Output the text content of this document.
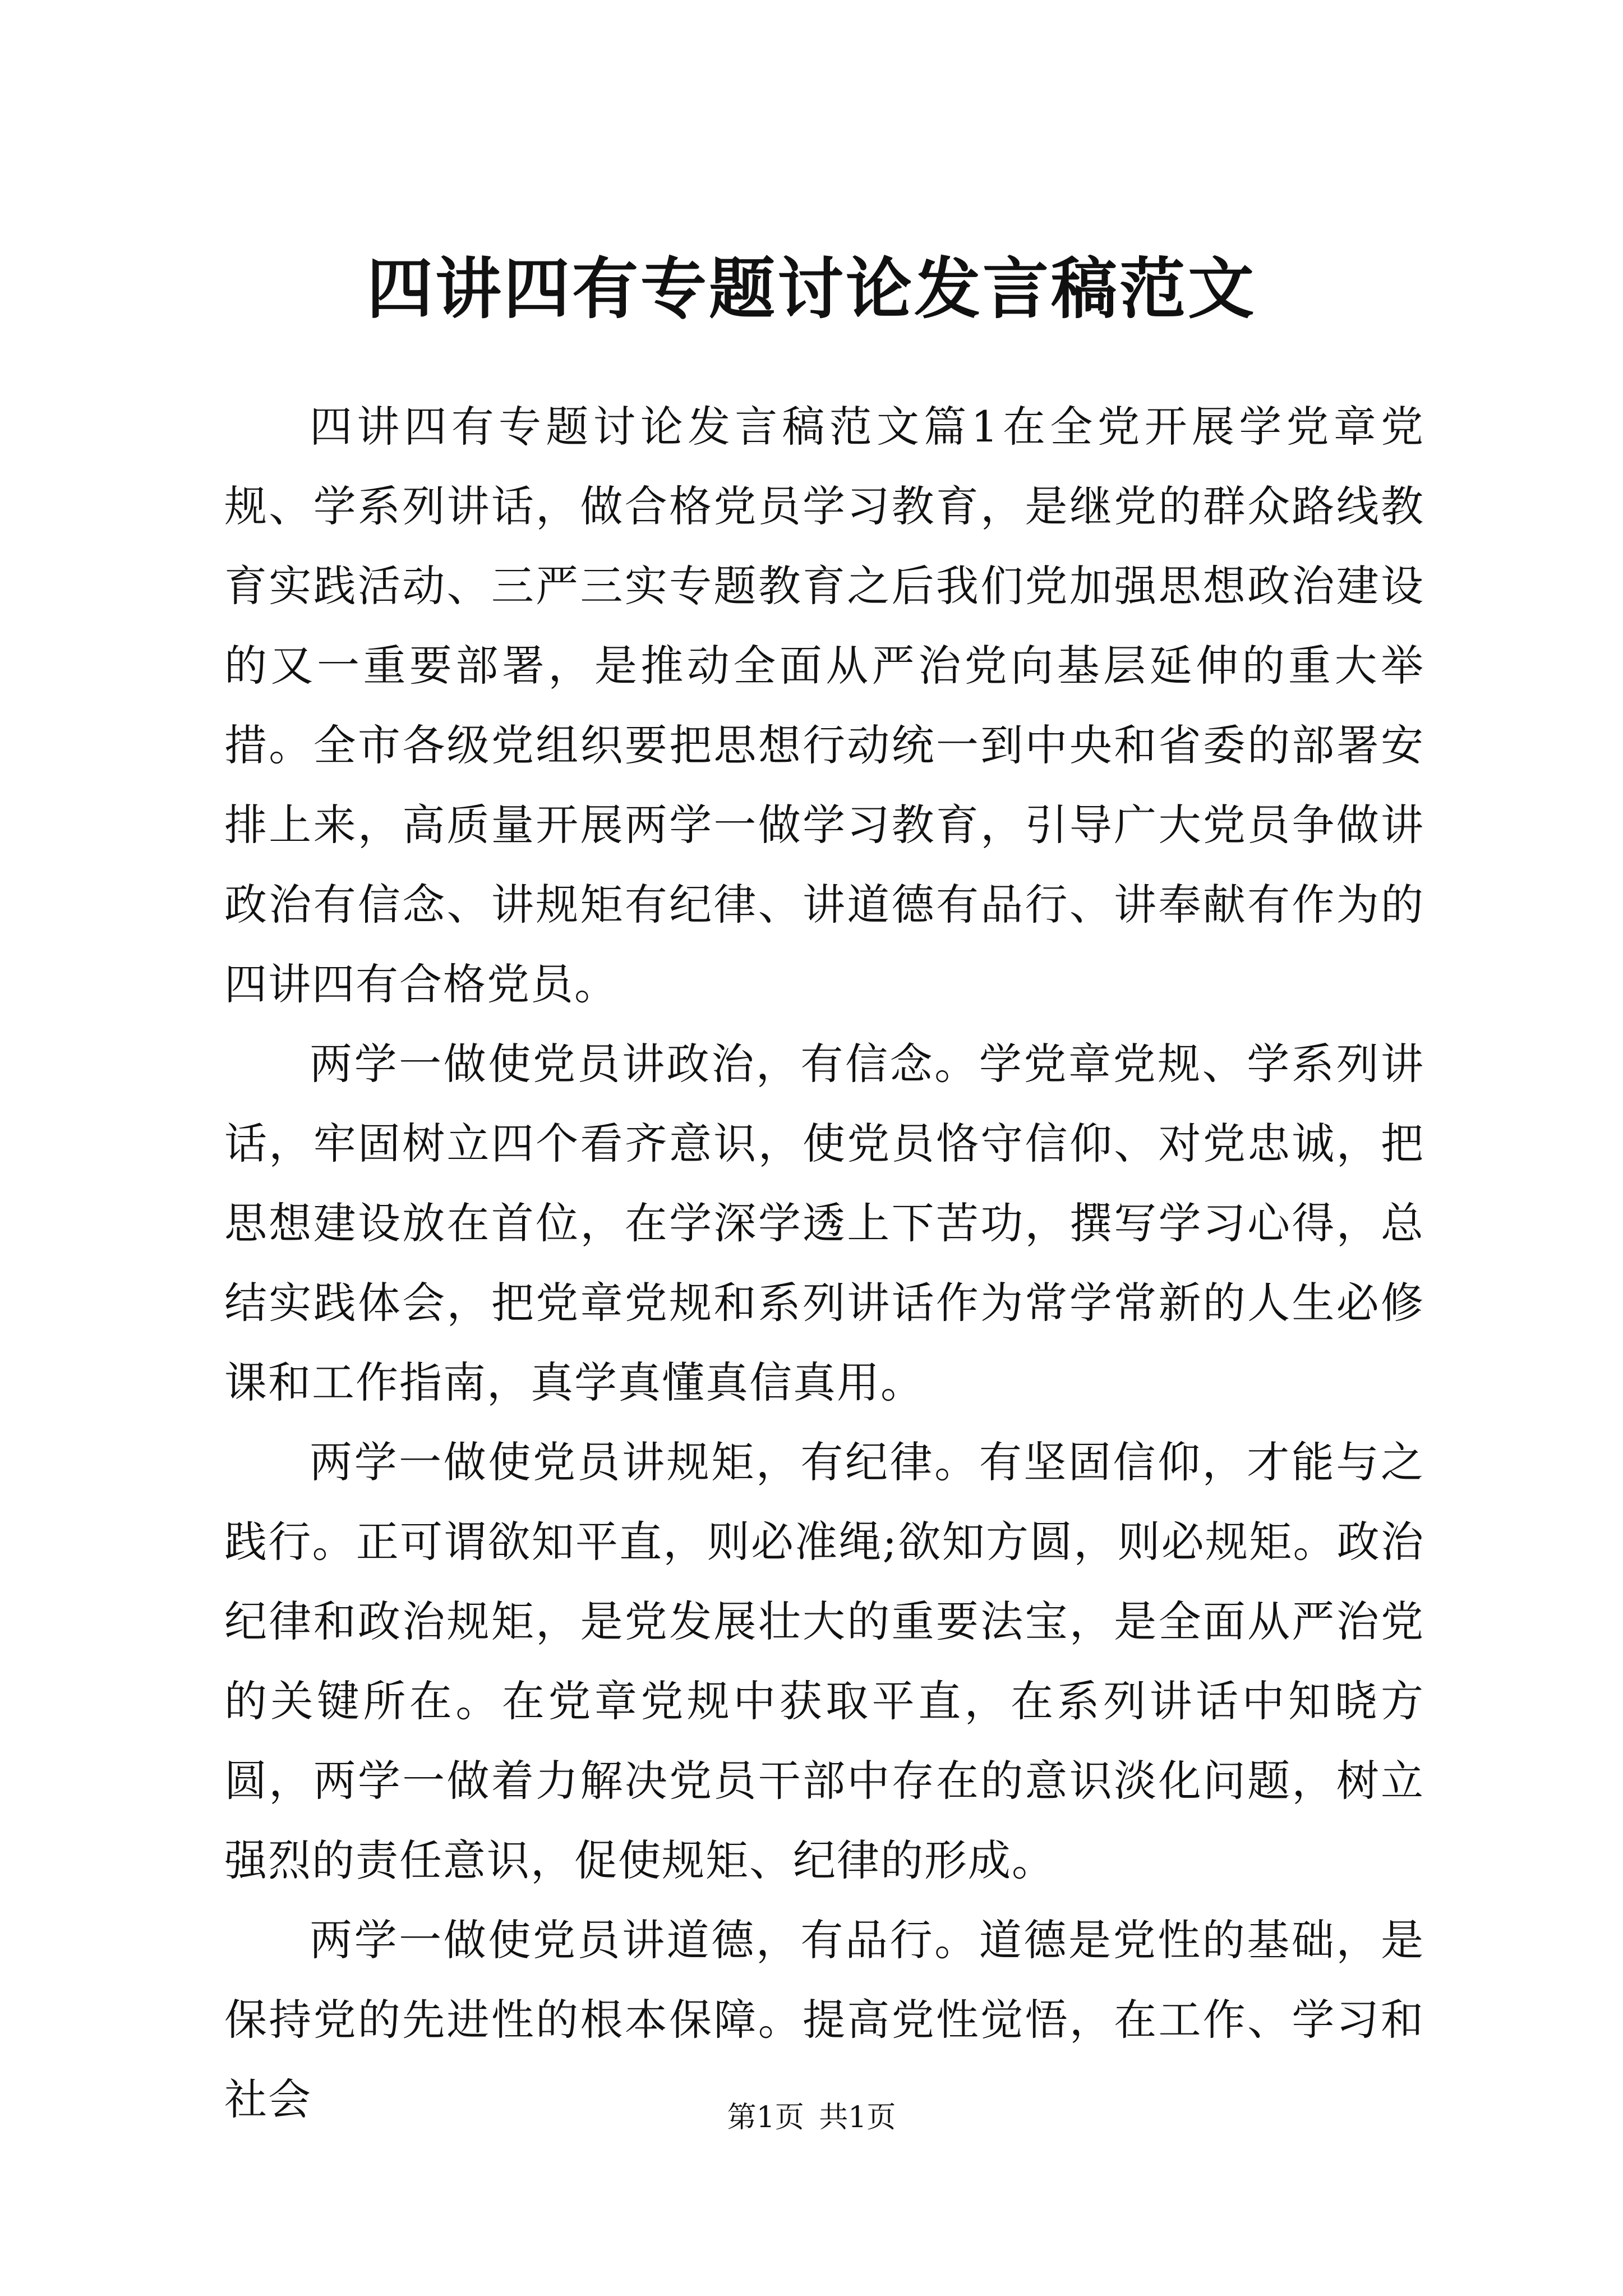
四讲四有专题讨论发言稿范文

四讲四有专题讨论发言稿范文篇1在全党开展学党章党规、学系列讲话，做合格党员学习教育，是继党的群众路线教育实践活动、三严三实专题教育之后我们党加强思想政治建设的又一重要部署，是推动全面从严治党向基层延伸的重大举措。全市各级党组织要把思想行动统一到中央和省委的部署安排上来，高质量开展两学一做学习教育，引导广大党员争做讲政治有信念、讲规矩有纪律、讲道德有品行、讲奉献有作为的四讲四有合格党员。

两学一做使党员讲政治，有信念。学党章党规、学系列讲话，牢固树立四个看齐意识，使党员恪守信仰、对党忠诚，把思想建设放在首位，在学深学透上下苦功，撰写学习心得，总结实践体会，把党章党规和系列讲话作为常学常新的人生必修课和工作指南，真学真懂真信真用。

两学一做使党员讲规矩，有纪律。有坚固信仰，才能与之践行。正可谓欲知平直，则必准绳;欲知方圆，则必规矩。政治纪律和政治规矩，是党发展壮大的重要法宝，是全面从严治党的关键所在。在党章党规中获取平直，在系列讲话中知晓方圆，两学一做着力解决党员干部中存在的意识淡化问题，树立强烈的责任意识，促使规矩、纪律的形成。

两学一做使党员讲道德，有品行。道德是党性的基础，是保持党的先进性的根本保障。提高党性觉悟，在工作、学习和社会	第1页 共1页
